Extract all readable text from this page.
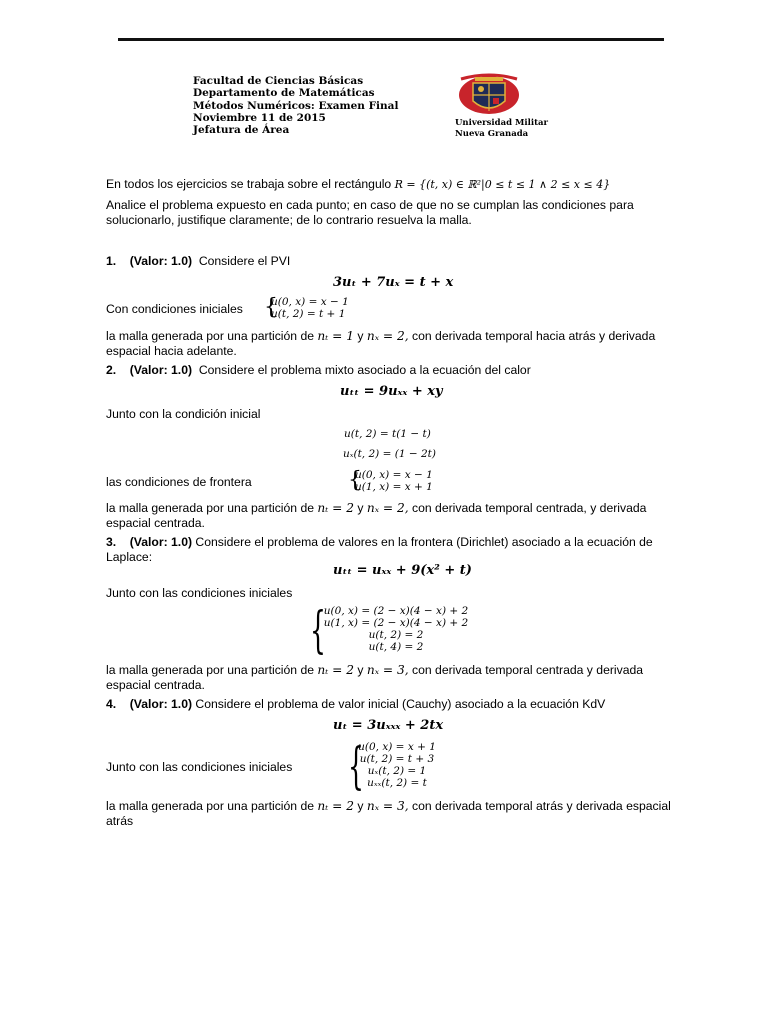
Facultad de Ciencias Básicas
Departamento de Matemáticas
Métodos Numéricos: Examen Final
Noviembre 11 de 2015
Jefatura de Área
Universidad Militar
Nueva Granada
En todos los ejercicios se trabaja sobre el rectángulo R = {(t, x) ∈ ℝ²|0 ≤ t ≤ 1 ∧ 2 ≤ x ≤ 4}
Analice el problema expuesto en cada punto; en caso de que no se cumplan las condiciones para solucionarlo, justifique claramente; de lo contrario resuelva la malla.
1. (Valor: 1.0) Considere el PVI
3uₜ + 7uₓ = t + x
Con condiciones iniciales {
u(0, x) = x − 1
u(t, 2) = t + 1
la malla generada por una partición de nₜ = 1 y nₓ = 2, con derivada temporal hacia atrás y derivada espacial hacia adelante.
2. (Valor: 1.0) Considere el problema mixto asociado a la ecuación del calor
uₜₜ = 9uₓₓ + xy
Junto con la condición inicial
u(t, 2) = t(1 − t)
uₓ(t, 2) = (1 − 2t)
las condiciones de frontera	{
u(0, x) = x − 1
u(1, x) = x + 1
la malla generada por una partición de nₜ = 2 y nₓ = 2, con derivada temporal centrada, y derivada espacial centrada.
3. (Valor: 1.0) Considere el problema de valores en la frontera (Dirichlet) asociado a la ecuación de Laplace:
uₜₜ = uₓₓ + 9(x² + t)
Junto con las condiciones iniciales
{
u(0, x) = (2 − x)(4 − x) + 2
u(1, x) = (2 − x)(4 − x) + 2
u(t, 2) = 2
u(t, 4) = 2
la malla generada por una partición de nₜ = 2 y nₓ = 3, con derivada temporal centrada y derivada espacial centrada.
4. (Valor: 1.0) Considere el problema de valor inicial (Cauchy) asociado a la ecuación KdV
uₜ = 3uₓₓₓ + 2tx
Junto con las condiciones iniciales {
u(0, x) = x + 1
u(t, 2) = t + 3
uₓ(t, 2) = 1
uₓₓ(t, 2) = t
la malla generada por una partición de nₜ = 2 y nₓ = 3, con derivada temporal atrás y derivada espacial atrás
